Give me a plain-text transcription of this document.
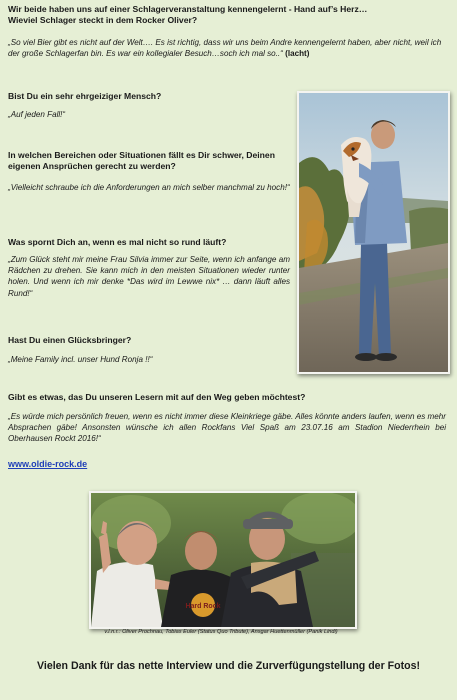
Wir beide haben uns auf einer Schlagerveranstaltung kennengelernt - Hand auf’s Herz…
Wieviel Schlager steckt in dem Rocker Oliver?
„So viel Bier gibt es nicht auf der Welt…. Es ist richtig, dass wir uns beim Andre kennengelernt haben, aber nicht, weil ich der große Schlagerfan bin. Es war ein kollegialer Besuch…soch ich mal so..“ (lacht)
Bist Du ein sehr ehrgeiziger Mensch?
„Auf jeden Fall!“
In welchen Bereichen oder Situationen fällt es Dir schwer, Deinen eigenen Ansprüchen gerecht zu werden?
„Vielleicht schraube ich die Anforderungen an mich selber manchmal zu hoch!“
Was spornt Dich an, wenn es mal nicht so rund läuft?
„Zum Glück steht mir meine Frau Silvia immer zur Seite, wenn ich anfange am Rädchen zu drehen. Sie kann mich in den meisten Situationen wieder runter holen. Und wenn ich mir denke *Das wird im Lewwe nix* … dann läuft alles Rund!“
Hast Du einen Glücksbringer?
„Meine Family incl. unser Hund Ronja !!“
Gibt es etwas, das Du unseren Lesern mit auf den Weg geben möchtest?
„Es würde mich persönlich freuen, wenn es nicht immer diese Kleinkriege gäbe. Alles könnte anders laufen, wenn es mehr Absprachen gäbe! Ansonsten wünsche ich allen Rockfans Viel Spaß am 23.07.16 am Stadion Niederrhein bei Oberhausen Rockt 2016!“
www.oldie-rock.de
Hard Rock
v.l.n.r.: Oliver Prochnau, Tobias Euler (Status Quo Tribute), Ansgar Huettenmüller (Panik Lindi)
Vielen Dank für das nette Interview und die Zurverfügungstellung der Fotos!
